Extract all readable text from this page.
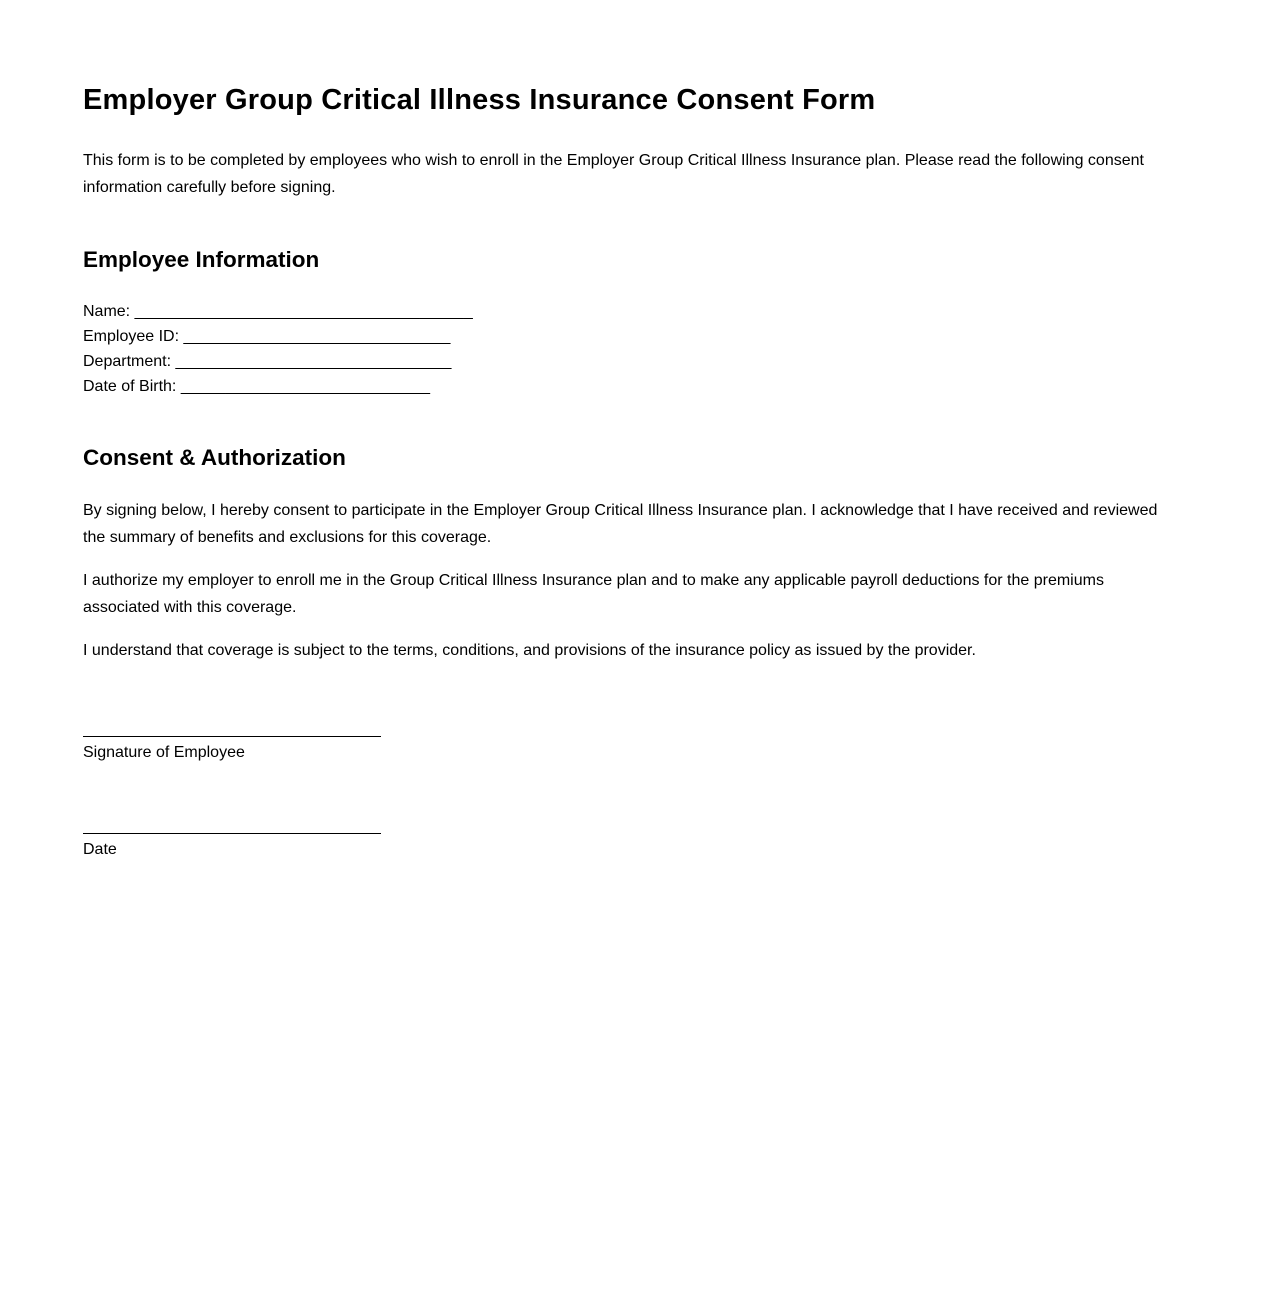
Employer Group Critical Illness Insurance Consent Form

This form is to be completed by employees who wish to enroll in the Employer Group Critical Illness Insurance plan. Please read the following consent information carefully before signing.

Employee Information
Name: ______________________________________
Employee ID: ______________________________
Department: _______________________________
Date of Birth: ____________________________
Consent & Authorization

By signing below, I hereby consent to participate in the Employer Group Critical Illness Insurance plan. I acknowledge that I have received and reviewed the summary of benefits and exclusions for this coverage.

I authorize my employer to enroll me in the Group Critical Illness Insurance plan and to make any applicable payroll deductions for the premiums associated with this coverage.

I understand that coverage is subject to the terms, conditions, and provisions of the insurance policy as issued by the provider.

Signature of Employee
Date
